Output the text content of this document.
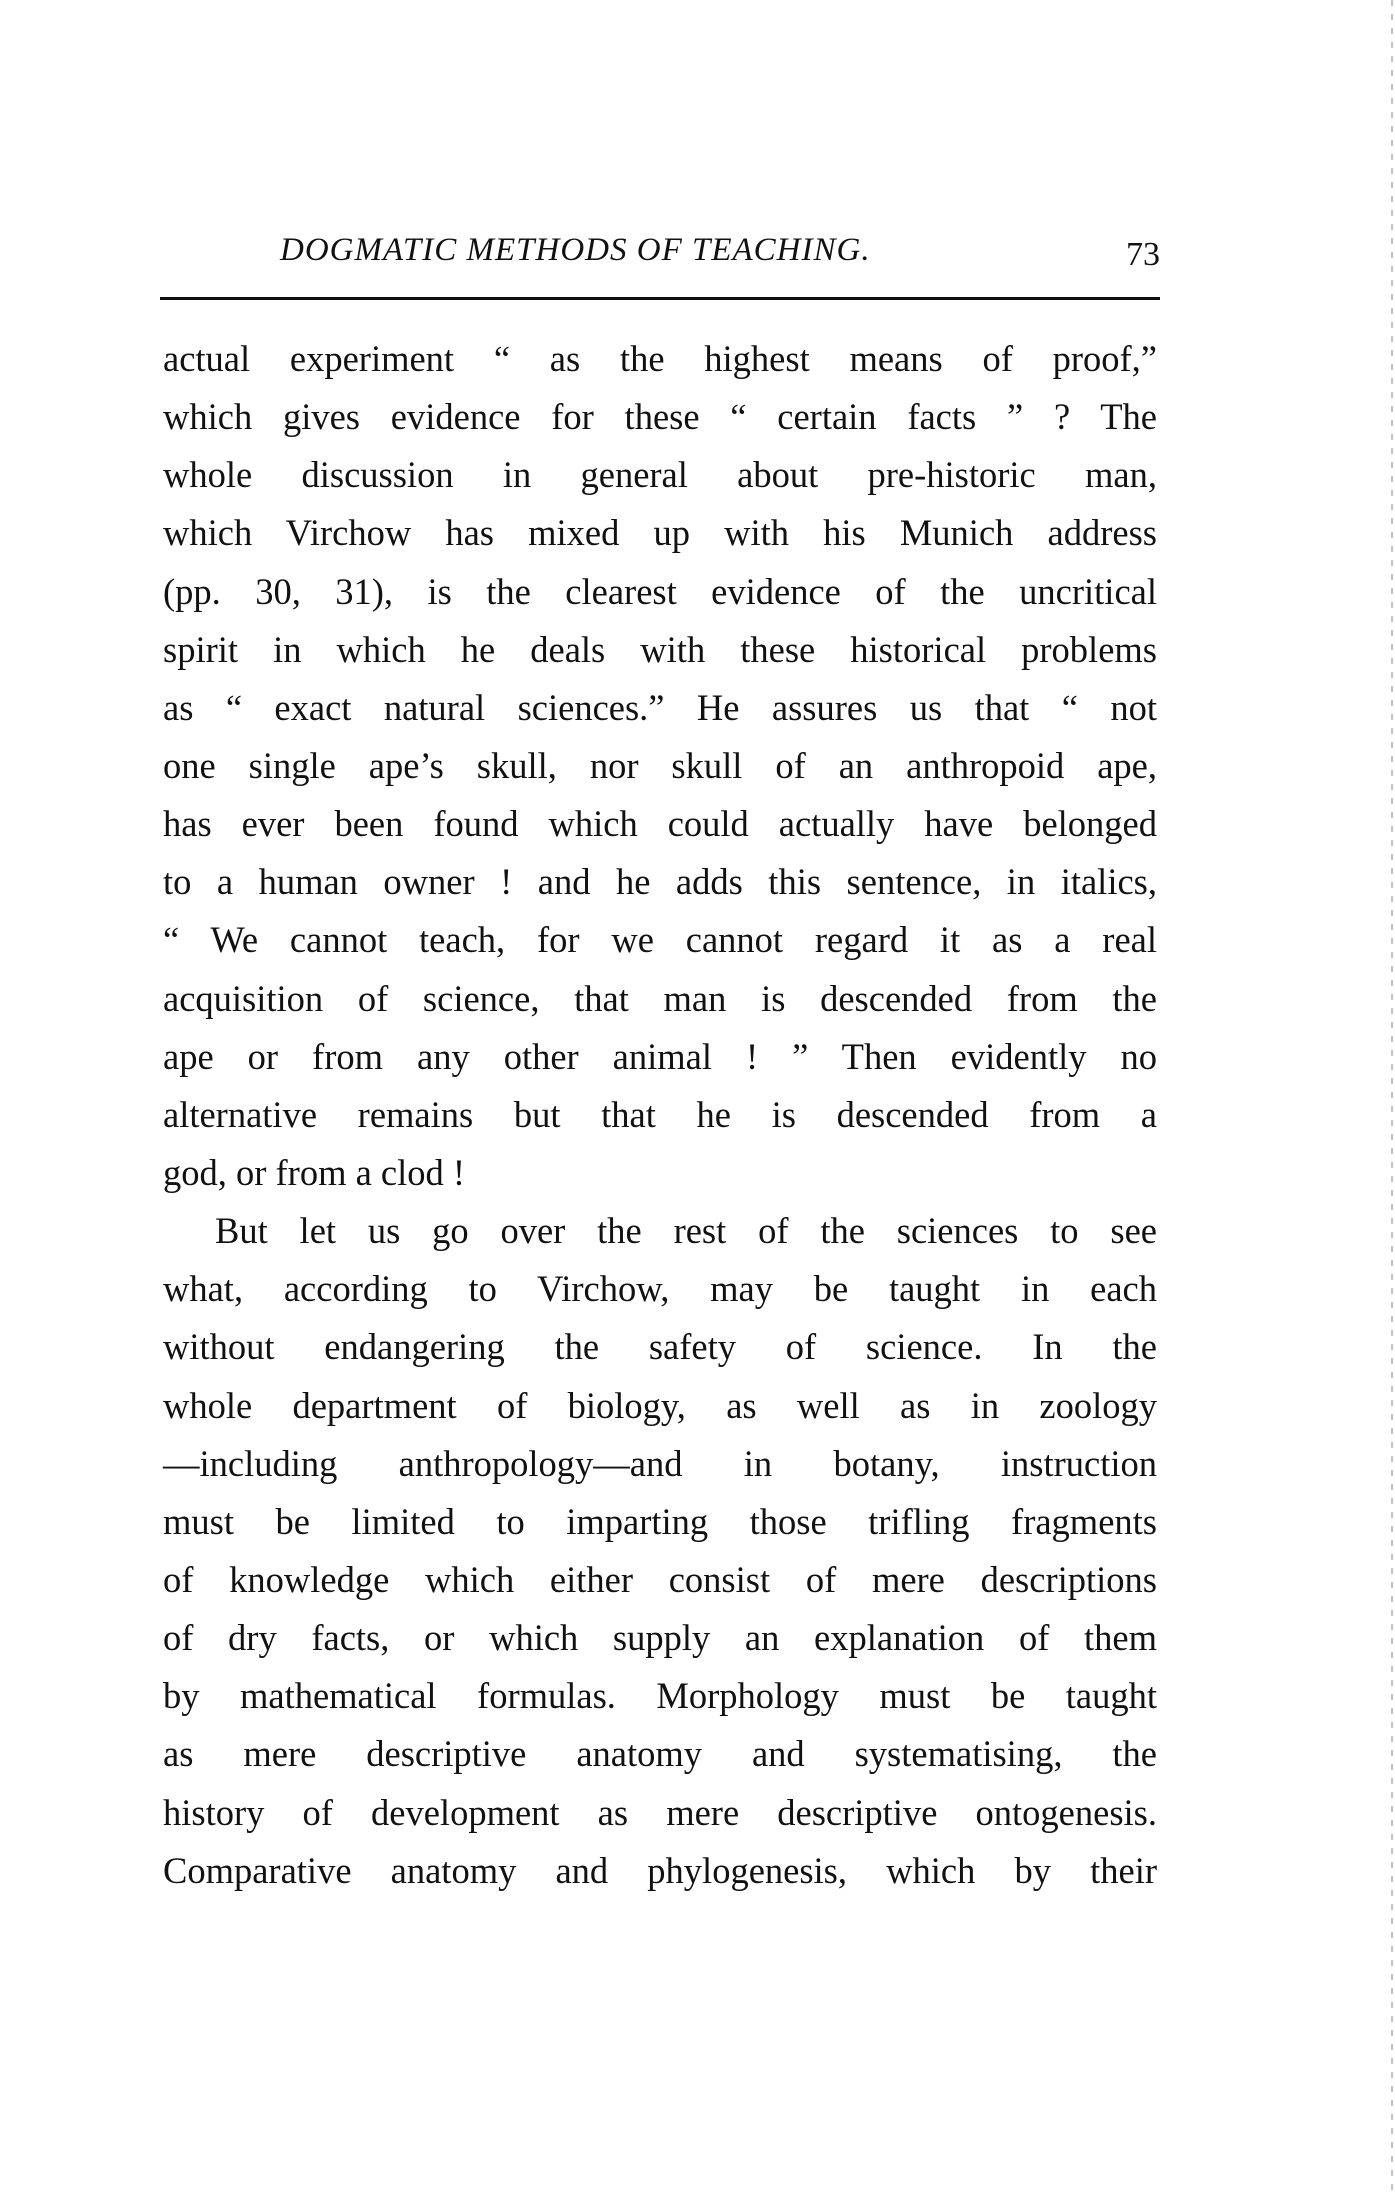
DOGMATIC METHODS OF TEACHING.	73
actual experiment “ as the highest means of proof,”
which gives evidence for these “ certain facts ” ? The
whole discussion in general about pre-historic man,
which Virchow has mixed up with his Munich address
(pp. 30, 31), is the clearest evidence of the uncritical
spirit in which he deals with these historical problems
as “ exact natural sciences.” He assures us that “ not
one single ape’s skull, nor skull of an anthropoid ape,
has ever been found which could actually have belonged
to a human owner ! and he adds this sentence, in italics,
“ We cannot teach, for we cannot regard it as a real
acquisition of science, that man is descended from the
ape or from any other animal ! ” Then evidently no
alternative remains but that he is descended from a
god, or from a clod !
But let us go over the rest of the sciences to see
what, according to Virchow, may be taught in each
without endangering the safety of science. In the
whole department of biology, as well as in zoology
—including anthropology—and in botany, instruction
must be limited to imparting those trifling fragments
of knowledge which either consist of mere descriptions
of dry facts, or which supply an explanation of them
by mathematical formulas. Morphology must be taught
as mere descriptive anatomy and systematising, the
history of development as mere descriptive ontogenesis.
Comparative anatomy and phylogenesis, which by their
